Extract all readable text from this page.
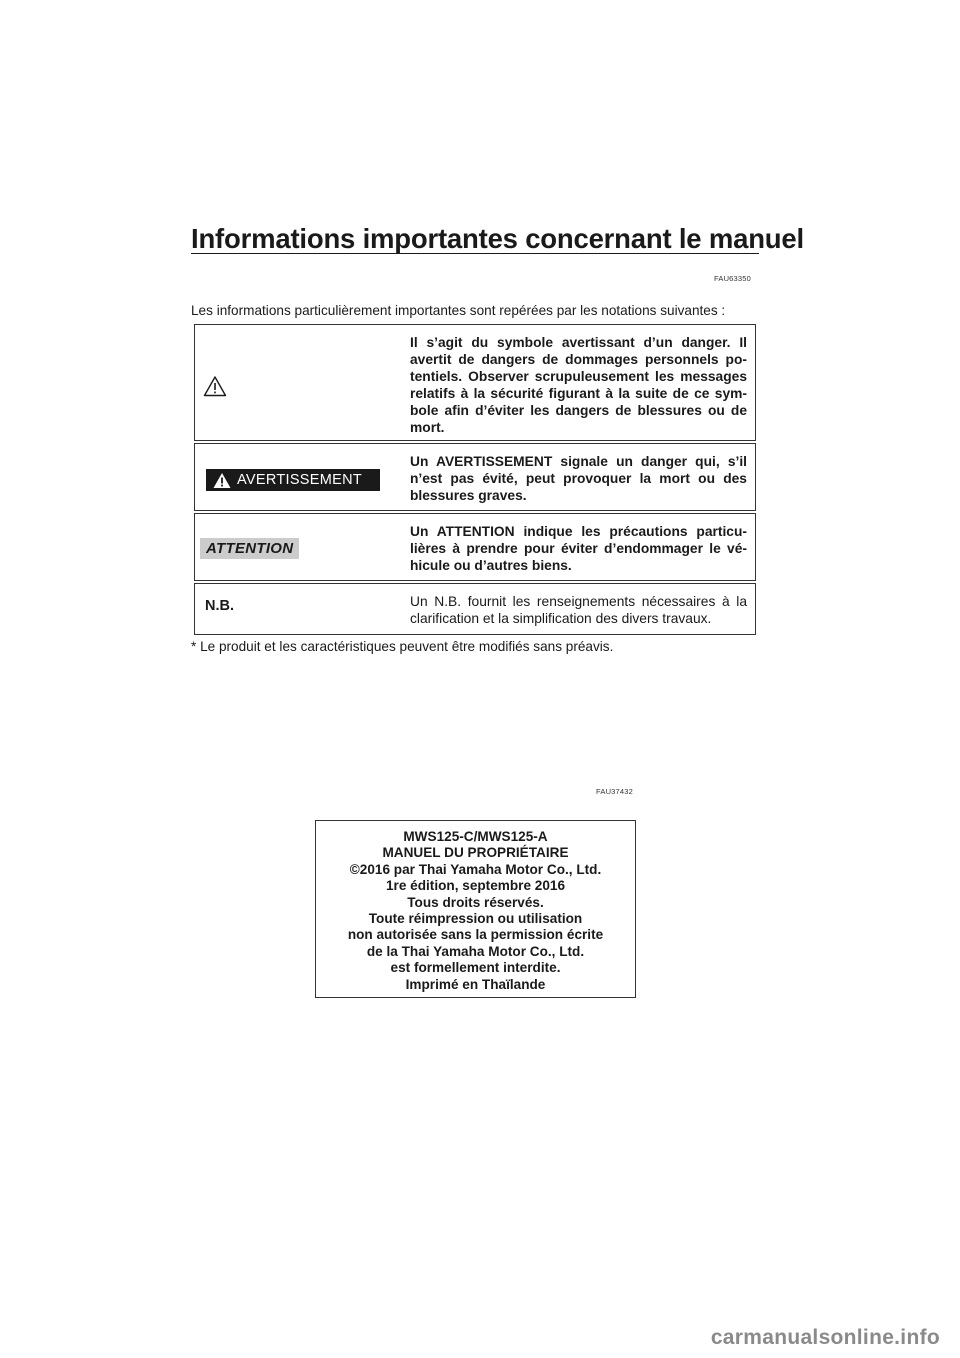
Informations importantes concernant le manuel
FAU63350
Les informations particulièrement importantes sont repérées par les notations suivantes :
Il s’agit du symbole avertissant d’un danger. Il avertit de dangers de dommages personnels po-tentiels. Observer scrupuleusement les messages relatifs à la sécurité figurant à la suite de ce sym-bole afin d’éviter les dangers de blessures ou de mort.
AVERTISSEMENT
Un AVERTISSEMENT signale un danger qui, s’il n’est pas évité, peut provoquer la mort ou des blessures graves.
ATTENTION
Un ATTENTION indique les précautions particu-lières à prendre pour éviter d’endommager le vé-hicule ou d’autres biens.
N.B.	Un N.B. fournit les renseignements nécessaires à la clarification et la simplification des divers travaux.
* Le produit et les caractéristiques peuvent être modifiés sans préavis.
FAU37432
MWS125-C/MWS125-A
MANUEL DU PROPRIÉTAIRE
©2016 par Thai Yamaha Motor Co., Ltd.
1re édition, septembre 2016
Tous droits réservés.
Toute réimpression ou utilisation
non autorisée sans la permission écrite
de la Thai Yamaha Motor Co., Ltd.
est formellement interdite.
Imprimé en Thaïlande
carmanualsonline.info
